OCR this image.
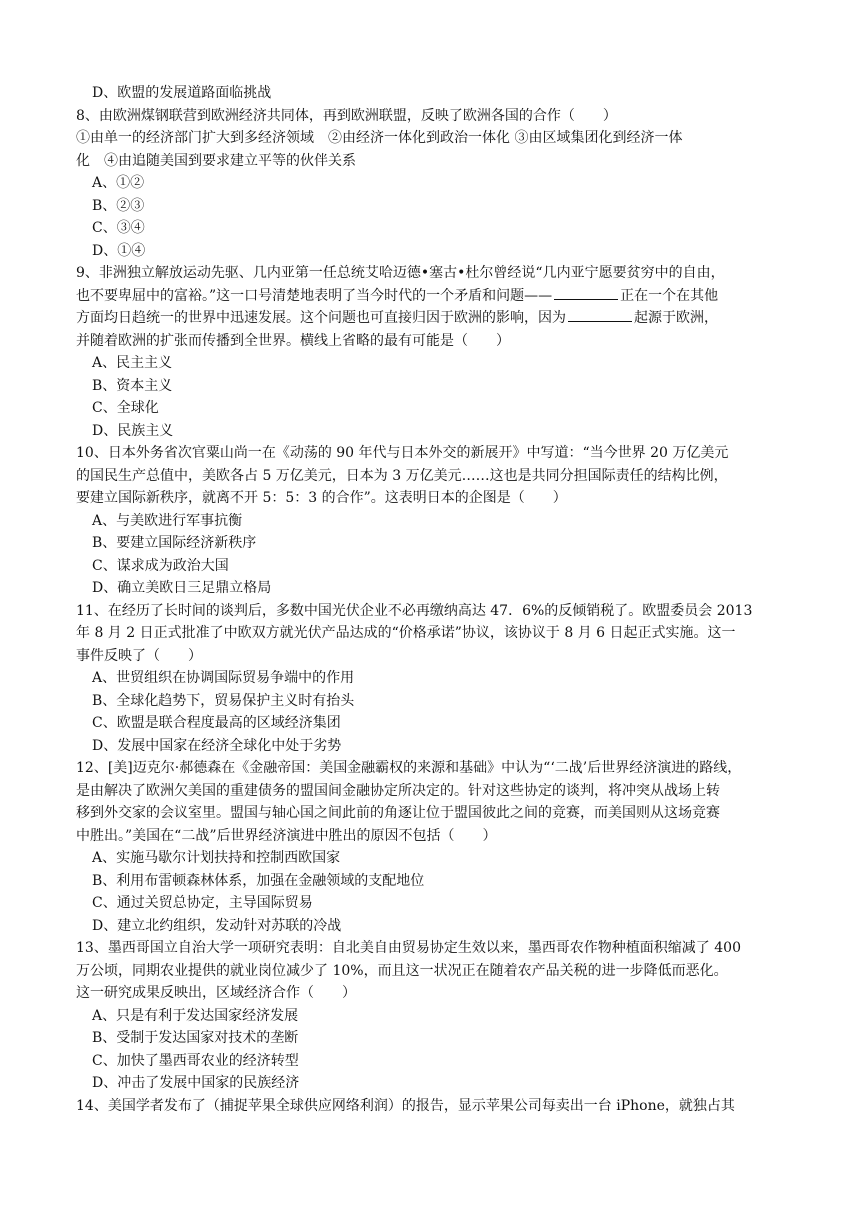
D、欧盟的发展道路面临挑战
8、由欧洲煤钢联营到欧洲经济共同体，再到欧洲联盟，反映了欧洲各国的合作（　　）
①由单一的经济部门扩大到多经济领域　②由经济一体化到政治一体化 ③由区域集团化到经济一体
化　④由追随美国到要求建立平等的伙伴关系
A、①②
B、②③
C、③④
D、①④
9、非洲独立解放运动先驱、几内亚第一任总统艾哈迈德•塞古•杜尔曾经说“几内亚宁愿要贫穷中的自由，
也不要卑屈中的富裕。”这一口号清楚地表明了当今时代的一个矛盾和问题——	正在一个在其他
方面均日趋统一的世界中迅速发展。这个问题也可直接归因于欧洲的影响，因为	起源于欧洲，
并随着欧洲的扩张而传播到全世界。横线上省略的最有可能是（　　）
A、民主主义
B、资本主义
C、全球化
D、民族主义
10、日本外务省次官粟山尚一在《动荡的 90 年代与日本外交的新展开》中写道：“当今世界 20 万亿美元
的国民生产总值中，美欧各占 5 万亿美元，日本为 3 万亿美元……这也是共同分担国际责任的结构比例，
要建立国际新秩序，就离不开 5：5：3 的合作”。这表明日本的企图是（　　）
A、与美欧进行军事抗衡
B、要建立国际经济新秩序
C、谋求成为政治大国
D、确立美欧日三足鼎立格局
11、在经历了长时间的谈判后，多数中国光伏企业不必再缴纳高达 47．6%的反倾销税了。欧盟委员会 2013
年 8 月 2 日正式批准了中欧双方就光伏产品达成的“价格承诺”协议，该协议于 8 月 6 日起正式实施。这一
事件反映了（　　）
A、世贸组织在协调国际贸易争端中的作用
B、全球化趋势下，贸易保护主义时有抬头
C、欧盟是联合程度最高的区域经济集团
D、发展中国家在经济全球化中处于劣势
12、[美]迈克尔·郝德森在《金融帝国：美国金融霸权的来源和基础》中认为“‘二战’后世界经济演进的路线，
是由解决了欧洲欠美国的重建债务的盟国间金融协定所决定的。针对这些协定的谈判，将冲突从战场上转
移到外交家的会议室里。盟国与轴心国之间此前的角逐让位于盟国彼此之间的竞赛，而美国则从这场竞赛
中胜出。”美国在“二战”后世界经济演进中胜出的原因不包括（　　）
A、实施马歇尔计划扶持和控制西欧国家
B、利用布雷顿森林体系，加强在金融领域的支配地位
C、通过关贸总协定，主导国际贸易
D、建立北约组织，发动针对苏联的冷战
13、墨西哥国立自治大学一项研究表明：自北美自由贸易协定生效以来，墨西哥农作物种植面积缩减了 400
万公顷，同期农业提供的就业岗位减少了 10%，而且这一状况正在随着农产品关税的进一步降低而恶化。
这一研究成果反映出，区域经济合作（　　）
A、只是有利于发达国家经济发展
B、受制于发达国家对技术的垄断
C、加快了墨西哥农业的经济转型
D、冲击了发展中国家的民族经济
14、美国学者发布了（捕捉苹果全球供应网络利润）的报告，显示苹果公司每卖出一台 iPhone，就独占其
